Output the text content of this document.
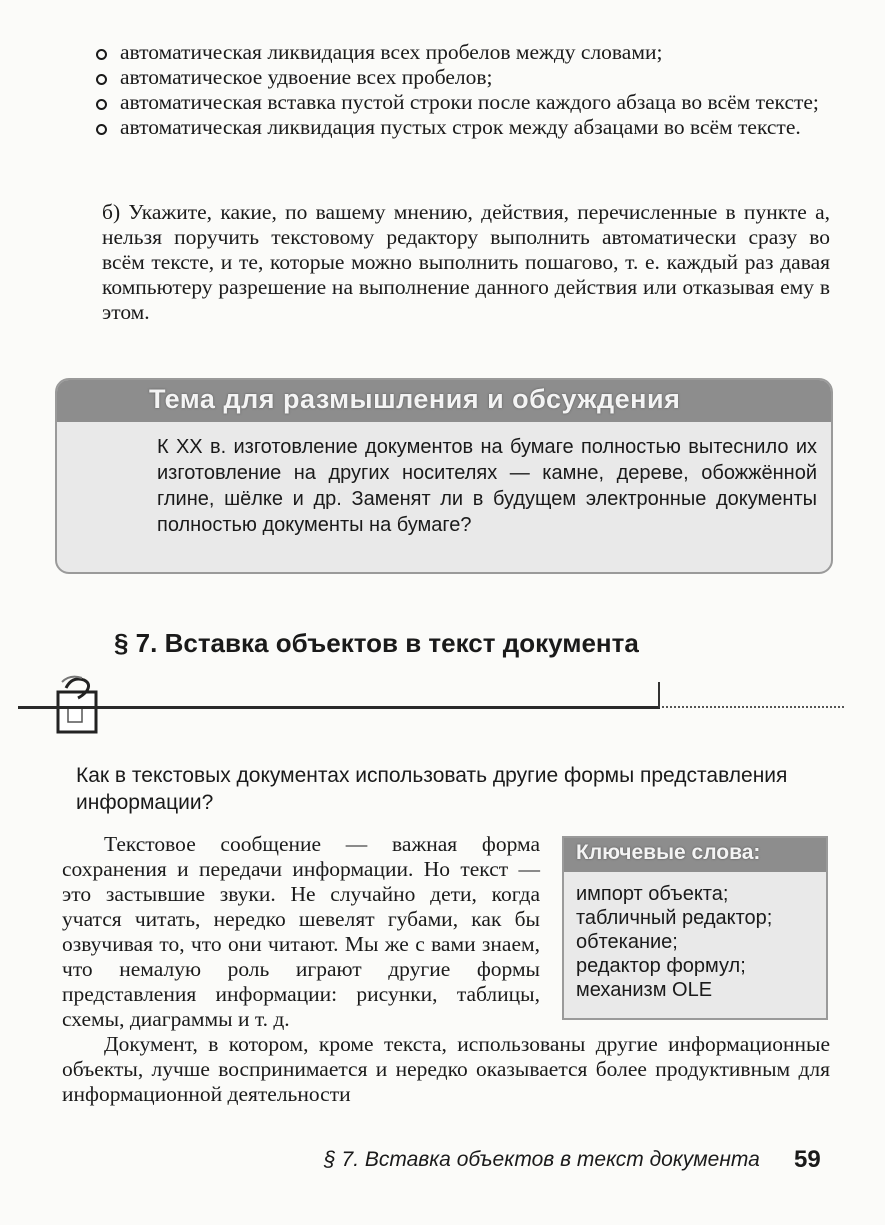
автоматическая ликвидация всех пробелов между словами;
автоматическое удвоение всех пробелов;
автоматическая вставка пустой строки после каждого абзаца во всём тексте;
автоматическая ликвидация пустых строк между абзацами во всём тексте.

б) Укажите, какие, по вашему мнению, действия, перечисленные в пункте а, нельзя поручить текстовому редактору выполнить автоматически сразу во всём тексте, и те, которые можно выполнить пошагово, т. е. каждый раз давая компьютеру разрешение на выполнение данного действия или отказывая ему в этом.

Тема для размышления и обсуждения

К XX в. изготовление документов на бумаге полностью вытеснило их изготовление на других носителях — камне, дереве, обожжённой глине, шёлке и др. Заменят ли в будущем электронные документы полностью документы на бумаге?

§ 7. Вставка объектов в текст документа

Как в текстовых документах использовать другие формы представления информации?

Текстовое сообщение — важная форма сохранения и передачи информации. Но текст — это застывшие звуки. Не случайно дети, когда учатся читать, нередко шевелят губами, как бы озвучивая то, что они читают. Мы же с вами знаем, что немалую роль играют другие формы представления информации: рисунки, таблицы, схемы, диаграммы и т. д.

Ключевые слова:
импорт объекта;
табличный редактор;
обтекание;
редактор формул;
механизм OLE

Документ, в котором, кроме текста, использованы другие информационные объекты, лучше воспринимается и нередко оказывается более продуктивным для информационной деятельности

§ 7. Вставка объектов в текст документа 59
